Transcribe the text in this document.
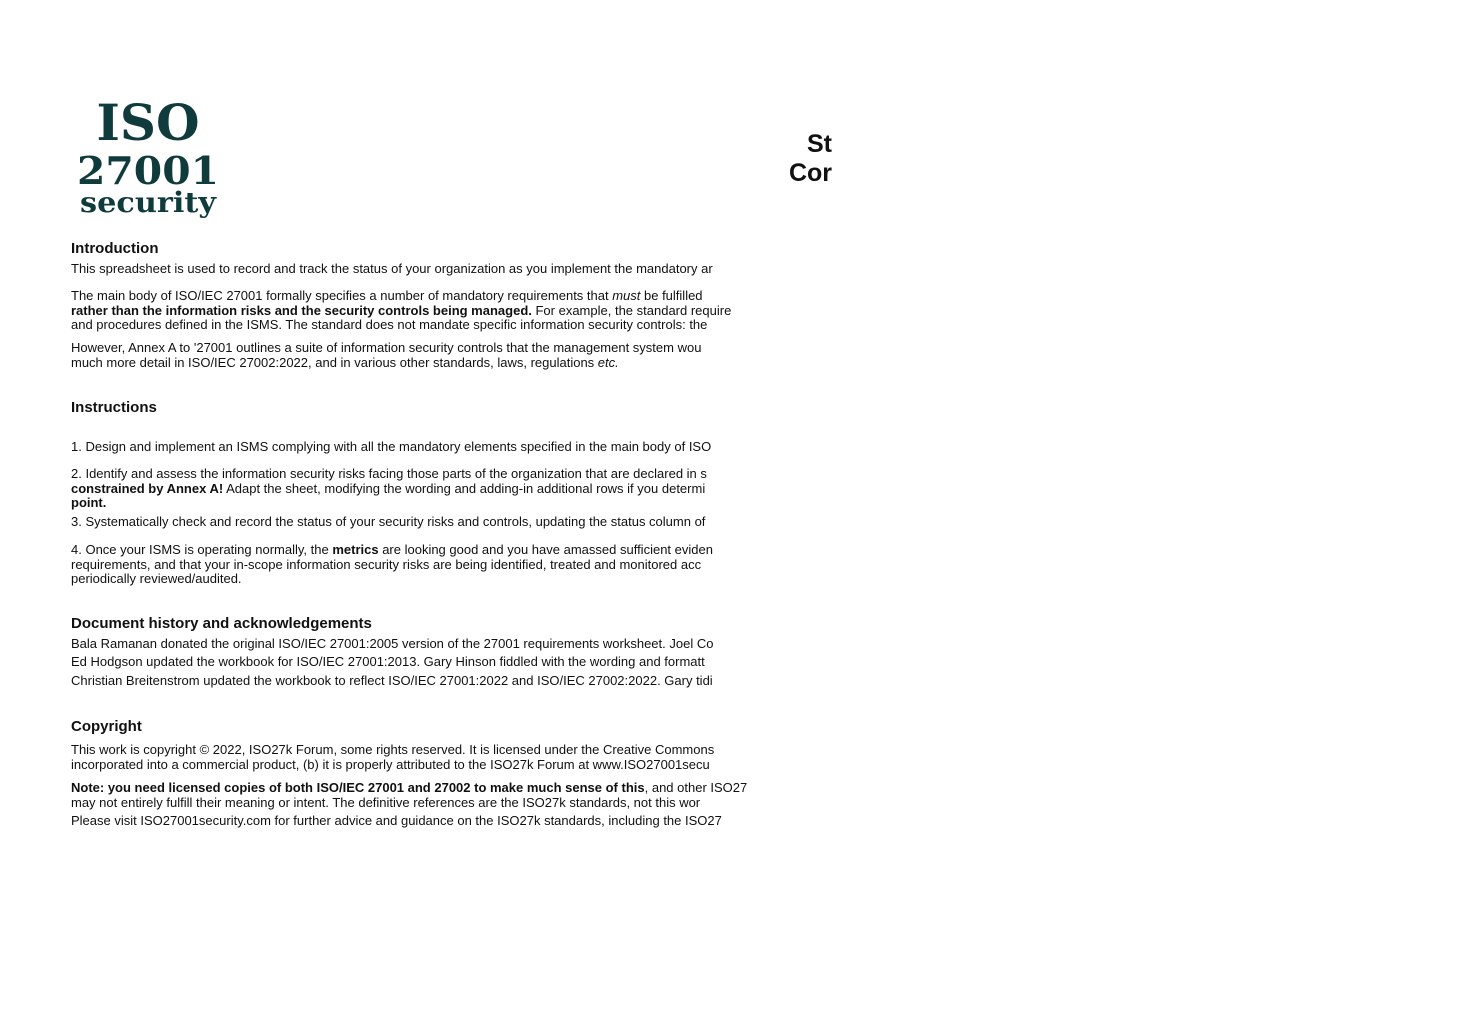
ISO
27001
security
St
Cor
Introduction

This spreadsheet is used to record and track the status of your organization as you implement the mandatory ar

The main body of ISO/IEC 27001 formally specifies a number of mandatory requirements that must be fulfilled

rather than the information risks and the security controls being managed. For example, the standard require

and procedures defined in the ISMS. The standard does not mandate specific information security controls: the

However, Annex A to '27001 outlines a suite of information security controls that the management system wou

much more detail in ISO/IEC 27002:2022, and in various other standards, laws, regulations etc.

Instructions

1. Design and implement an ISMS complying with all the mandatory elements specified in the main body of ISO

2. Identify and assess the information security risks facing those parts of the organization that are declared in s

constrained by Annex A! Adapt the sheet, modifying the wording and adding-in additional rows if you determi

point.

3. Systematically check and record the status of your security risks and controls, updating the status column of

4. Once your ISMS is operating normally, the metrics are looking good and you have amassed sufficient eviden

requirements, and that your in-scope information security risks are being identified, treated and monitored acc

periodically reviewed/audited.

Document history and acknowledgements

Bala Ramanan donated the original ISO/IEC 27001:2005 version of the 27001 requirements worksheet. Joel Co

Ed Hodgson updated the workbook for ISO/IEC 27001:2013. Gary Hinson fiddled with the wording and formatt

Christian Breitenstrom updated the workbook to reflect ISO/IEC 27001:2022 and ISO/IEC 27002:2022. Gary tidi

Copyright

This work is copyright © 2022, ISO27k Forum, some rights reserved. It is licensed under the Creative Commons

incorporated into a commercial product, (b) it is properly attributed to the ISO27k Forum at www.ISO27001secu

Note: you need licensed copies of both ISO/IEC 27001 and 27002 to make much sense of this, and other ISO27

may not entirely fulfill their meaning or intent. The definitive references are the ISO27k standards, not this wor

Please visit ISO27001security.com for further advice and guidance on the ISO27k standards, including the ISO27
